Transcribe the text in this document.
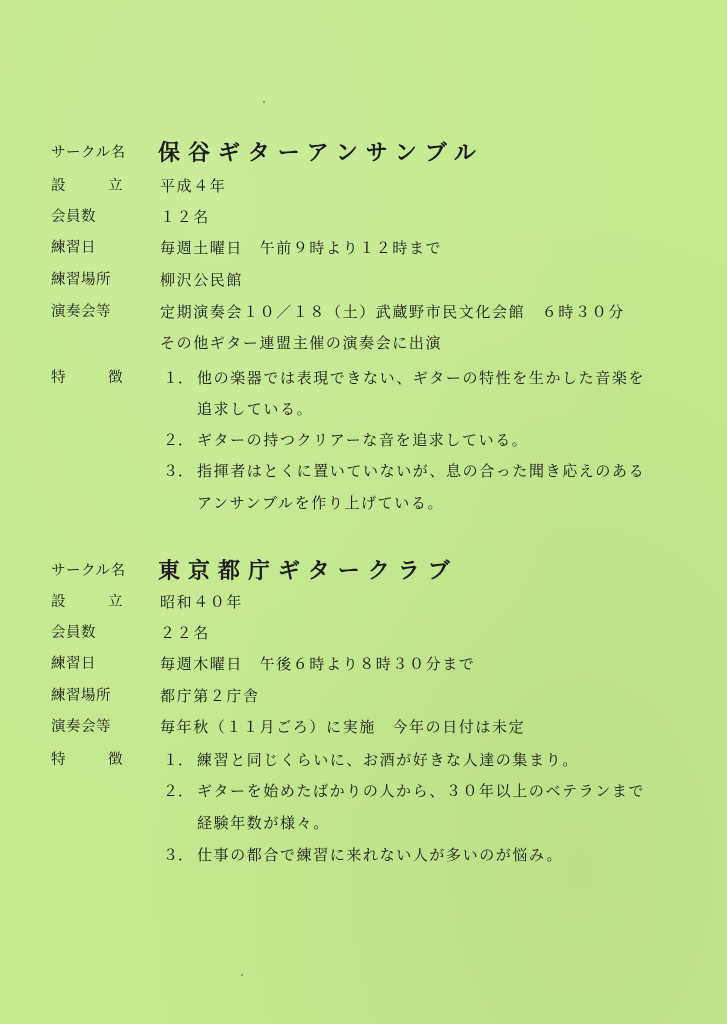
サークル名 保谷ギターアンサンブル
設　立 平成４年
会員数	１２名
練習日	毎週土曜日　午前９時より１２時まで
練習場所	柳沢公民館
演奏会等	定期演奏会１０／１８（土）武蔵野市民文化会館　６時３０分
その他ギター連盟主催の演奏会に出演
特　徴 １． 他の楽器では表現できない、ギターの特性を生かした音楽を
追求している。
２． ギターの持つクリアーな音を追求している。
３． 指揮者はとくに置いていないが、息の合った聞き応えのある
アンサンブルを作り上げている。
サークル名 東京都庁ギタークラブ
設　立 昭和４０年
会員数	２２名
練習日	毎週木曜日　午後６時より８時３０分まで
練習場所	都庁第２庁舎
演奏会等	毎年秋（１１月ごろ）に実施　今年の日付は未定
特　徴 １． 練習と同じくらいに、お酒が好きな人達の集まり。
２． ギターを始めたばかりの人から、３０年以上のベテランまで
経験年数が様々。
３． 仕事の都合で練習に来れない人が多いのが悩み。
